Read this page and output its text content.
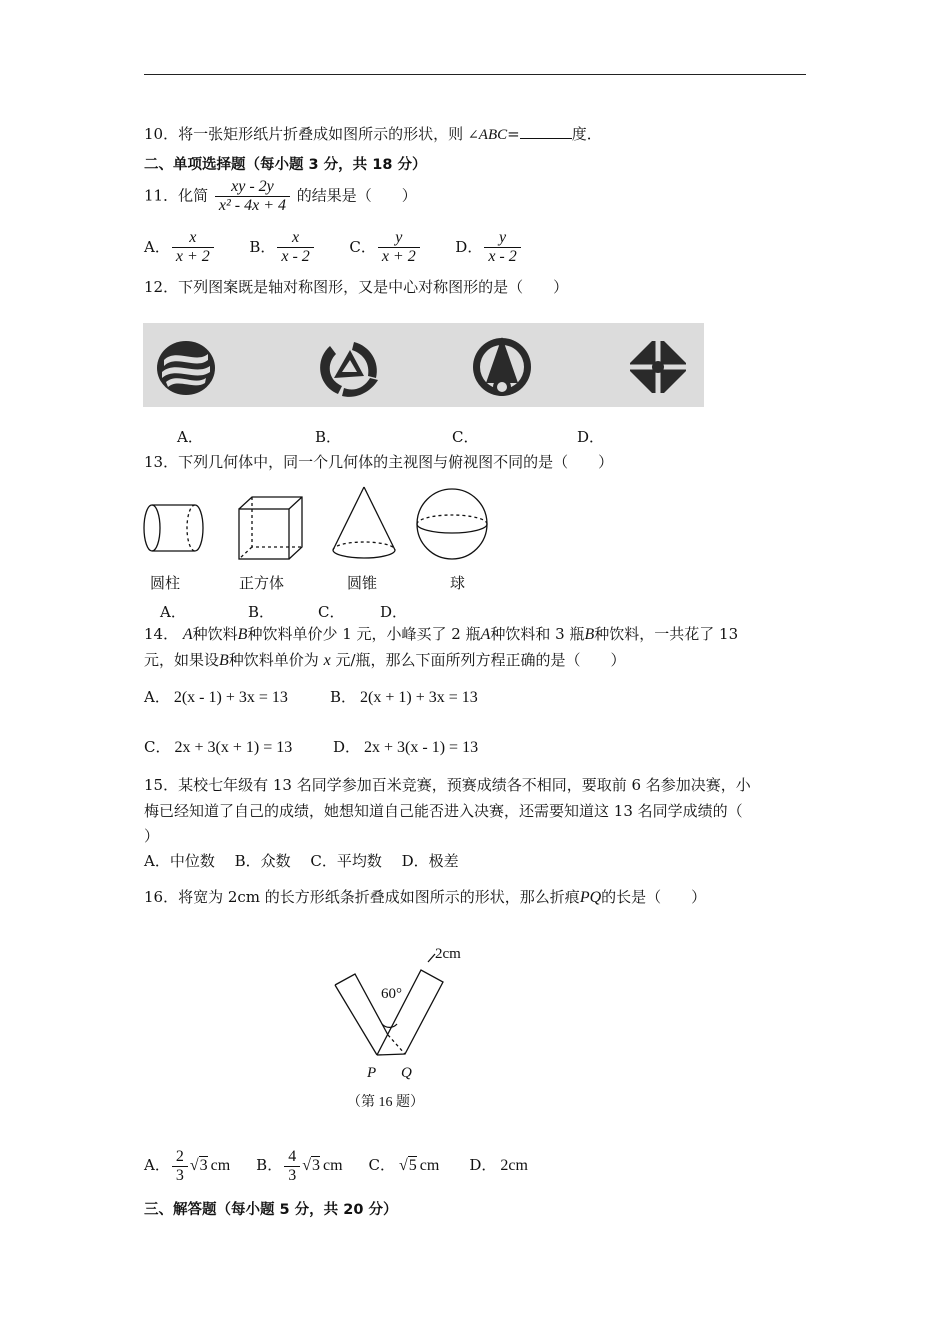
10．将一张矩形纸片折叠成如图所示的形状，则 ∠ABC=	度．
二、单项选择题（每小题 3 分，共 18 分）
11．化简 $\frac{xy - 2y}{\text{x² - 4x + 4}}$ 的结果是（　　）
A． $\frac{x}{x + 2}$ B． $\frac{x}{x - 2}$ C． $\frac{y}{x + 2}$ D． $\frac{y}{x - 2}$
12．下列图案既是轴对称图形，又是中心对称图形的是（　　）
A．	B．	C．	D．
13．下列几何体中，同一个几何体的主视图与俯视图不同的是（　　）
圆柱	正方体	圆锥	球
A．	B．	C． D．
14． A种饮料B种饮料单价少 1 元，小峰买了 2 瓶A种饮料和 3 瓶B种饮料，一共花了 13
元，如果设B种饮料单价为 x 元/瓶，那么下面所列方程正确的是（　　）
A． 2(x - 1) + 3x = 13	B． 2(x + 1) + 3x = 13
C． 2x + 3(x + 1) = 13	D． 2x + 3(x - 1) = 13
15．某校七年级有 13 名同学参加百米竞赛，预赛成绩各不相同，要取前 6 名参加决赛，小
梅已经知道了自己的成绩，她想知道自己能否进入决赛，还需要知道这 13 名同学成绩的（
）
A．中位数　 B．众数　 C．平均数　 D．极差
16．将宽为 2cm 的长方形纸条折叠成如图所示的形状，那么折痕PQ的长是（　　）
2cm
60°
P Q
（第 16 题）
A． $\frac{2}{3} √3$ cm B． $\frac{4}{3} √3$ cm C． √5 cm D． 2cm
三、解答题（每小题 5 分，共 20 分）
